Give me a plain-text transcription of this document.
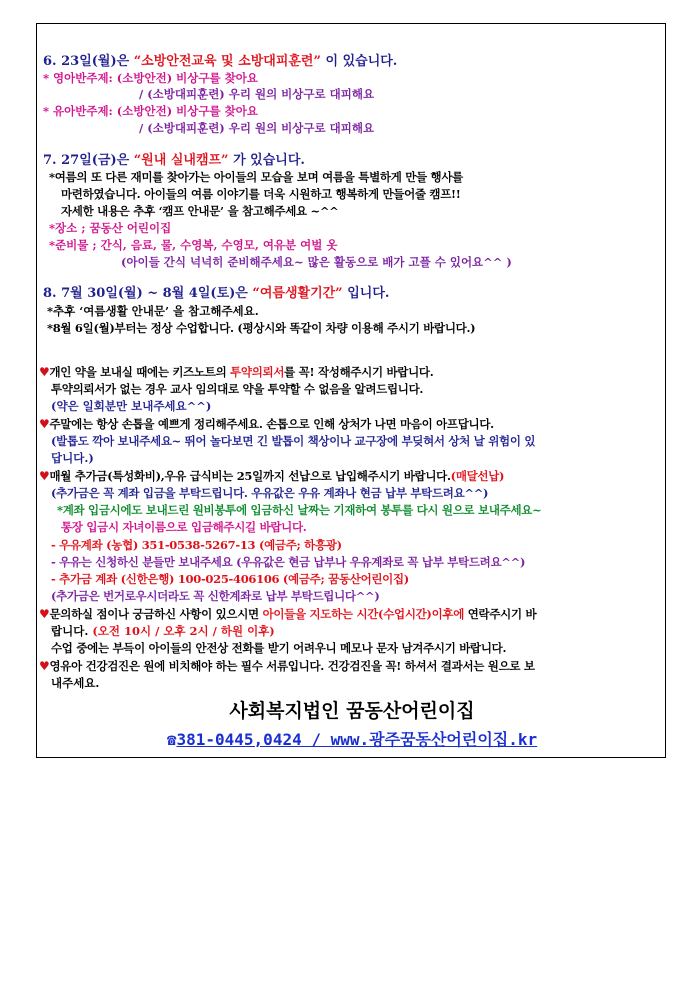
6. 23일(월)은 “소방안전교육 및 소방대피훈련” 이 있습니다.
* 영아반주제: (소방안전) 비상구를 찾아요
/ (소방대피훈련) 우리 원의 비상구로 대피해요
* 유아반주제: (소방안전) 비상구를 찾아요
/ (소방대피훈련) 우리 원의 비상구로 대피해요
7. 27일(금)은 “원내 실내캠프” 가 있습니다.
*여름의 또 다른 재미를 찾아가는 아이들의 모습을 보며 여름을 특별하게 만들 행사를
마련하였습니다. 아이들의 여름 이야기를 더욱 시원하고 행복하게 만들어줄 캠프!!
자세한 내용은 추후 ‘캠프 안내문’ 을 참고해주세요 ~^^
*장소 ; 꿈동산 어린이집
*준비물 ; 간식, 음료, 물, 수영복, 수영모, 여유분 여벌 옷
(아이들 간식 넉넉히 준비해주세요~ 많은 활동으로 배가 고플 수 있어요^^ )
8. 7월 30일(월) ~ 8월 4일(토)은 “여름생활기간” 입니다.
*추후 ‘여름생활 안내문’ 을 참고해주세요.
*8월 6일(월)부터는 정상 수업합니다. (평상시와 똑같이 차량 이용해 주시기 바랍니다.)
♥개인 약을 보내실 때에는 키즈노트의 투약의뢰서를 꼭! 작성해주시기 바랍니다.
투약의뢰서가 없는 경우 교사 임의대로 약을 투약할 수 없음을 알려드립니다.
(약은 일회분만 보내주세요^^)
♥주말에는 항상 손톱을 예쁘게 정리해주세요. 손톱으로 인해 상처가 나면 마음이 아프답니다.
(발톱도 깍아 보내주세요~ 뛰어 놀다보면 긴 발톱이 책상이나 교구장에 부딪혀서 상처 날 위험이 있
답니다.)
♥매월 추가금(특성화비),우유 급식비는 25일까지 선납으로 납입해주시기 바랍니다.(매달선납)
(추가금은 꼭 계좌 입금을 부탁드립니다. 우유값은 우유 계좌나 현금 납부 부탁드려요^^)
*계좌 입금시에도 보내드린 원비봉투에 입금하신 날짜는 기재하여 봉투를 다시 원으로 보내주세요~
통장 입금시 자녀이름으로 입금해주시길 바랍니다.
- 우유계좌 (농협) 351-0538-5267-13 (예금주; 하흥광)
- 우유는 신청하신 분들만 보내주세요 (우유값은 현금 납부나 우유계좌로 꼭 납부 부탁드려요^^)
- 추가금 계좌 (신한은행) 100-025-406106 (예금주; 꿈동산어린이집)
(추가금은 번거로우시더라도 꼭 신한계좌로 납부 부탁드립니다^^)
♥문의하실 점이나 궁금하신 사항이 있으시면 아이들을 지도하는 시간(수업시간)이후에 연락주시기 바
랍니다. (오전 10시 / 오후 2시 / 하원 이후)
수업 중에는 부득이 아이들의 안전상 전화를 받기 어려우니 메모나 문자 남겨주시기 바랍니다.
♥영유아 건강검진은 원에 비치해야 하는 필수 서류입니다. 건강검진을 꼭! 하셔서 결과서는 원으로 보
내주세요.
사회복지법인 꿈동산어린이집
☎381-0445,0424 / www.광주꿈동산어린이집.kr
